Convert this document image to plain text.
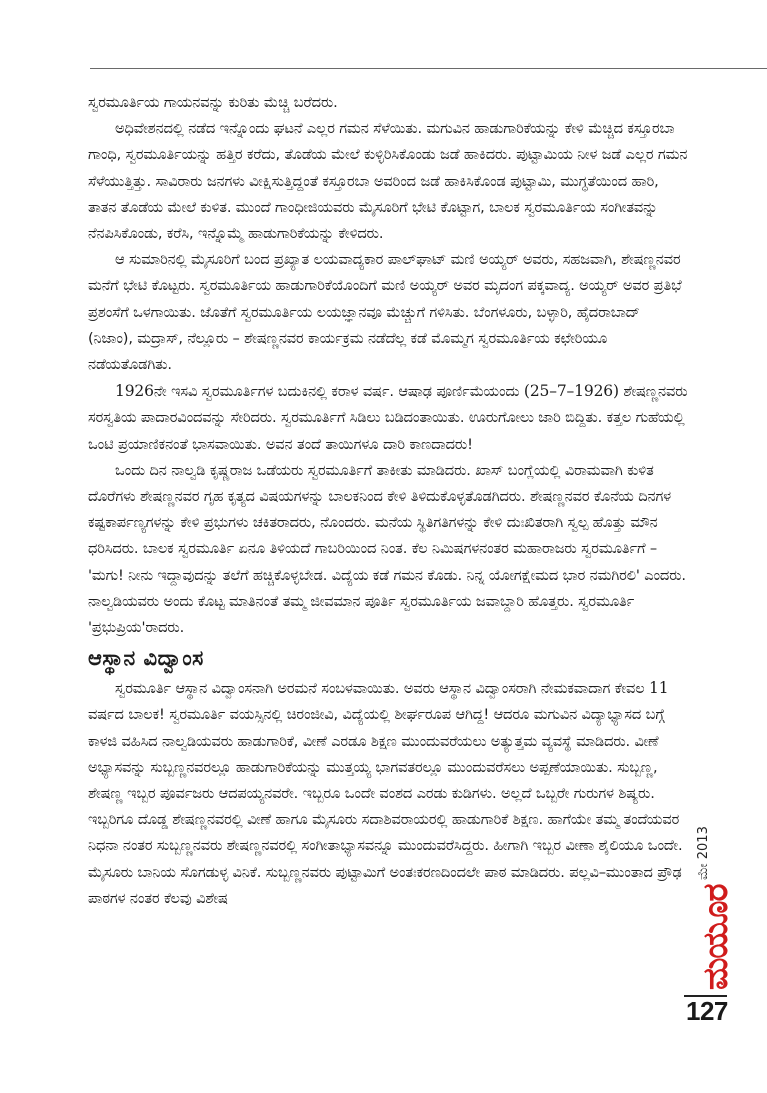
ಸ್ವರಮೂರ್ತಿಯ ಗಾಯನವನ್ನು ಕುರಿತು ಮೆಚ್ಚಿ ಬರೆದರು.

ಅಧಿವೇಶನದಲ್ಲಿ ನಡೆದ ಇನ್ನೊಂದು ಘಟನೆ ಎಲ್ಲರ ಗಮನ ಸೆಳೆಯಿತು. ಮಗುವಿನ ಹಾಡುಗಾರಿಕೆಯನ್ನು ಕೇಳಿ ಮೆಚ್ಚಿದ ಕಸ್ತೂರಬಾ ಗಾಂಧಿ, ಸ್ವರಮೂರ್ತಿಯನ್ನು ಹತ್ತಿರ ಕರೆದು, ತೊಡೆಯ ಮೇಲೆ ಕುಳ್ಳಿರಿಸಿಕೊಂಡು ಜಡೆ ಹಾಕಿದರು. ಪುಟ್ಟಾಮಿಯ ನೀಳ ಜಡೆ ಎಲ್ಲರ ಗಮನ ಸೆಳೆಯುತ್ತಿತ್ತು. ಸಾವಿರಾರು ಜನಗಳು ವೀಕ್ಷಿಸುತ್ತಿದ್ದಂತೆ ಕಸ್ತೂರಬಾ ಅವರಿಂದ ಜಡೆ ಹಾಕಿಸಿಕೊಂಡ ಪುಟ್ಟಾಮಿ, ಮುಗ್ಧತೆಯಿಂದ ಹಾರಿ, ತಾತನ ತೊಡೆಯ ಮೇಲೆ ಕುಳಿತ. ಮುಂದೆ ಗಾಂಧೀಜಿಯವರು ಮೈಸೂರಿಗೆ ಭೇಟಿ ಕೊಟ್ಟಾಗ, ಬಾಲಕ ಸ್ವರಮೂರ್ತಿಯ ಸಂಗೀತವನ್ನು ನೆನಪಿಸಿಕೊಂಡು, ಕರೆಸಿ, ಇನ್ನೊಮ್ಮೆ ಹಾಡುಗಾರಿಕೆಯನ್ನು ಕೇಳಿದರು.

ಆ ಸುಮಾರಿನಲ್ಲಿ ಮೈಸೂರಿಗೆ ಬಂದ ಪ್ರಖ್ಯಾತ ಲಯವಾದ್ಯಕಾರ ಪಾಲ್‌ಘಾಟ್ ಮಣಿ ಅಯ್ಯರ್ ಅವರು, ಸಹಜವಾಗಿ, ಶೇಷಣ್ಣನವರ ಮನೆಗೆ ಭೇಟಿ ಕೊಟ್ಟರು. ಸ್ವರಮೂರ್ತಿಯ ಹಾಡುಗಾರಿಕೆಯೊಂದಿಗೆ ಮಣಿ ಅಯ್ಯರ್ ಅವರ ಮೃದಂಗ ಪಕ್ಕವಾದ್ಯ. ಅಯ್ಯರ್ ಅವರ ಪ್ರತಿಭೆ ಪ್ರಶಂಸೆಗೆ ಒಳಗಾಯಿತು. ಜೊತೆಗೆ ಸ್ವರಮೂರ್ತಿಯ ಲಯಜ್ಞಾನವೂ ಮೆಚ್ಚುಗೆ ಗಳಿಸಿತು. ಬೆಂಗಳೂರು, ಬಳ್ಳಾರಿ, ಹೈದರಾಬಾದ್ (ನಿಜಾಂ), ಮದ್ರಾಸ್, ನೆಲ್ಲೂರು – ಶೇಷಣ್ಣನವರ ಕಾರ್ಯಕ್ರಮ ನಡೆದೆಲ್ಲ ಕಡೆ ಮೊಮ್ಮಗ ಸ್ವರಮೂರ್ತಿಯ ಕಛೇರಿಯೂ ನಡೆಯತೊಡಗಿತು.

1926ನೇ ಇಸವಿ ಸ್ವರಮೂರ್ತಿಗಳ ಬದುಕಿನಲ್ಲಿ ಕರಾಳ ವರ್ಷ. ಆಷಾಢ ಪೂರ್ಣಿಮೆಯಂದು (25–7–1926) ಶೇಷಣ್ಣನವರು ಸರಸ್ವತಿಯ ಪಾದಾರವಿಂದವನ್ನು ಸೇರಿದರು. ಸ್ವರಮೂರ್ತಿಗೆ ಸಿಡಿಲು ಬಡಿದಂತಾಯಿತು. ಊರುಗೋಲು ಜಾರಿ ಬಿದ್ದಿತು. ಕತ್ತಲ ಗುಹೆಯಲ್ಲಿ ಒಂಟಿ ಪ್ರಯಾಣಿಕನಂತೆ ಭಾಸವಾಯಿತು. ಅವನ ತಂದೆ ತಾಯಿಗಳೂ ದಾರಿ ಕಾಣದಾದರು!

ಒಂದು ದಿನ ನಾಲ್ವಡಿ ಕೃಷ್ಣರಾಜ ಒಡೆಯರು ಸ್ವರಮೂರ್ತಿಗೆ ತಾಕೀತು ಮಾಡಿದರು. ಖಾಸ್ ಬಂಗ್ಲೆಯಲ್ಲಿ ವಿರಾಮವಾಗಿ ಕುಳಿತ ದೊರೆಗಳು ಶೇಷಣ್ಣನವರ ಗೃಹ ಕೃತ್ಯದ ವಿಷಯಗಳನ್ನು ಬಾಲಕನಿಂದ ಕೇಳಿ ತಿಳಿದುಕೊಳ್ಳತೊಡಗಿದರು. ಶೇಷಣ್ಣನವರ ಕೊನೆಯ ದಿನಗಳ ಕಷ್ಟಕಾರ್ಪಣ್ಯಗಳನ್ನು ಕೇಳಿ ಪ್ರಭುಗಳು ಚಕಿತರಾದರು, ನೊಂದರು. ಮನೆಯ ಸ್ಥಿತಿಗತಿಗಳನ್ನು ಕೇಳಿ ದುಃಖಿತರಾಗಿ ಸ್ವಲ್ಪ ಹೊತ್ತು ಮೌನ ಧರಿಸಿದರು. ಬಾಲಕ ಸ್ವರಮೂರ್ತಿ ಏನೂ ತಿಳಿಯದೆ ಗಾಬರಿಯಿಂದ ನಿಂತ. ಕೆಲ ನಿಮಿಷಗಳನಂತರ ಮಹಾರಾಜರು ಸ್ವರಮೂರ್ತಿಗೆ – 'ಮಗು! ನೀನು ಇದ್ದಾವುದನ್ನು ತಲೆಗೆ ಹಚ್ಚಿಕೊಳ್ಳಬೇಡ. ವಿದ್ಯೆಯ ಕಡೆ ಗಮನ ಕೊಡು. ನಿನ್ನ ಯೋಗಕ್ಷೇಮದ ಭಾರ ನಮಗಿರಲಿ' ಎಂದರು. ನಾಲ್ವಡಿಯವರು ಅಂದು ಕೊಟ್ಟ ಮಾತಿನಂತೆ ತಮ್ಮ ಜೀವಮಾನ ಪೂರ್ತಿ ಸ್ವರಮೂರ್ತಿಯ ಜವಾಬ್ದಾರಿ ಹೊತ್ತರು. ಸ್ವರಮೂರ್ತಿ 'ಪ್ರಭುಪ್ರಿಯ'ರಾದರು.

ಆಸ್ಥಾನ ವಿದ್ವಾಂಸ

ಸ್ವರಮೂರ್ತಿ ಆಸ್ಥಾನ ವಿದ್ವಾಂಸನಾಗಿ ಅರಮನೆ ಸಂಬಳವಾಯಿತು. ಅವರು ಆಸ್ಥಾನ ವಿದ್ವಾಂಸರಾಗಿ ನೇಮಕವಾದಾಗ ಕೇವಲ 11 ವರ್ಷದ ಬಾಲಕ! ಸ್ವರಮೂರ್ತಿ ವಯಸ್ಸಿನಲ್ಲಿ ಚಿರಂಜೀವಿ, ವಿದ್ಯೆಯಲ್ಲಿ ಶೀರ್ಘರೂಪ ಆಗಿದ್ದ! ಆದರೂ ಮಗುವಿನ ವಿದ್ಯಾಭ್ಯಾಸದ ಬಗ್ಗೆ ಕಾಳಜಿ ವಹಿಸಿದ ನಾಲ್ವಡಿಯವರು ಹಾಡುಗಾರಿಕೆ, ವೀಣೆ ಎರಡೂ ಶಿಕ್ಷಣ ಮುಂದುವರೆಯಲು ಅತ್ಯುತ್ತಮ ವ್ಯವಸ್ಥೆ ಮಾಡಿದರು. ವೀಣೆ ಅಭ್ಯಾಸವನ್ನು ಸುಬ್ಬಣ್ಣನವರಲ್ಲೂ ಹಾಡುಗಾರಿಕೆಯನ್ನು ಮುತ್ತಯ್ಯ ಭಾಗವತರಲ್ಲೂ ಮುಂದುವರೆಸಲು ಅಪ್ಪಣೆಯಾಯಿತು. ಸುಬ್ಬಣ್ಣ, ಶೇಷಣ್ಣ ಇಬ್ಬರ ಪೂರ್ವಜರು ಆದಪಯ್ಯನವರೇ. ಇಬ್ಬರೂ ಒಂದೇ ವಂಶದ ಎರಡು ಕುಡಿಗಳು. ಅಲ್ಲದೆ ಒಬ್ಬರೇ ಗುರುಗಳ ಶಿಷ್ಯರು. ಇಬ್ಬರಿಗೂ ದೊಡ್ಡ ಶೇಷಣ್ಣನವರಲ್ಲಿ ವೀಣೆ ಹಾಗೂ ಮೈಸೂರು ಸದಾಶಿವರಾಯರಲ್ಲಿ ಹಾಡುಗಾರಿಕೆ ಶಿಕ್ಷಣ. ಹಾಗೆಯೇ ತಮ್ಮ ತಂದೆಯವರ ನಿಧನಾ ನಂತರ ಸುಬ್ಬಣ್ಣನವರು ಶೇಷಣ್ಣನವರಲ್ಲಿ ಸಂಗೀತಾಭ್ಯಾಸವನ್ನೂ ಮುಂದುವರೆಸಿದ್ದರು. ಹೀಗಾಗಿ ಇಬ್ಬರ ವೀಣಾ ಶೈಲಿಯೂ ಒಂದೇ. ಮೈಸೂರು ಬಾನಿಯ ಸೊಗಡುಳ್ಳ ವಿನಿಕೆ. ಸುಬ್ಬಣ್ಣನವರು ಪುಟ್ಟಾಮಿಗೆ ಅಂತಃಕರಣದಿಂದಲೇ ಪಾಠ ಮಾಡಿದರು. ಪಲ್ಲವಿ–ಮುಂತಾದ ಪ್ರೌಢ ಪಾಠಗಳ ನಂತರ ಕೆಲವು ವಿಶೇಷ

ಮೇ 2013
ಮಯೂರ
127
